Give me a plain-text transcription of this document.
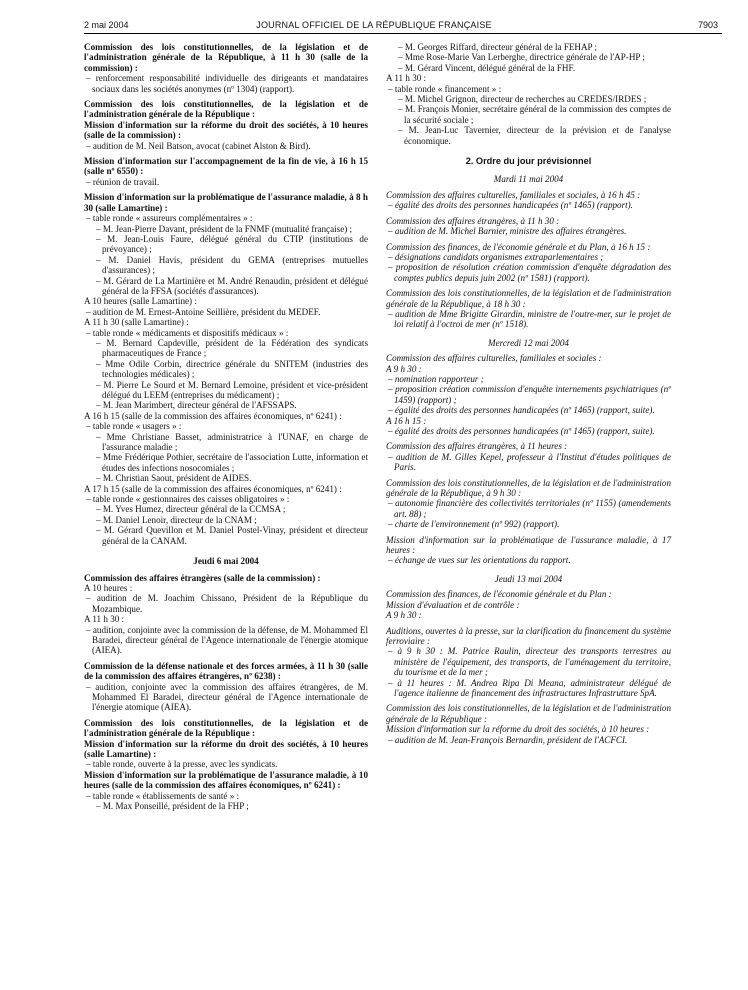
2 mai 2004	JOURNAL OFFICIEL DE LA RÉPUBLIQUE FRANÇAISE	7903

Commission des lois constitutionnelles, de la législation et de l'administration générale de la République, à 11 h 30 (salle de la commission) :

– renforcement responsabilité individuelle des dirigeants et mandataires sociaux dans les sociétés anonymes (nº 1304) (rapport).

Commission des lois constitutionnelles, de la législation et de l'administration générale de la République :

Mission d'information sur la réforme du droit des sociétés, à 10 heures (salle de la commission) :

– audition de M. Neil Batson, avocat (cabinet Alston & Bird).

Mission d'information sur l'accompagnement de la fin de vie, à 16 h 15 (salle nº 6550) :

– réunion de travail.

Mission d'information sur la problématique de l'assurance maladie, à 8 h 30 (salle Lamartine) :

– table ronde « assureurs complémentaires » :

– M. Jean-Pierre Davant, président de la FNMF (mutualité française) ;

– M. Jean-Louis Faure, délégué général du CTIP (institutions de prévoyance) ;

– M. Daniel Havis, président du GEMA (entreprises mutuelles d'assurances) ;

– M. Gérard de La Martinière et M. André Renaudin, président et délégué général de la FFSA (sociétés d'assurances).

A 10 heures (salle Lamartine) :

– audition de M. Ernest-Antoine Seillière, président du MEDEF.

A 11 h 30 (salle Lamartine) :

– table ronde « médicaments et dispositifs médicaux » :

– M. Bernard Capdeville, président de la Fédération des syndicats pharmaceutiques de France ;

– Mme Odile Corbin, directrice générale du SNITEM (industries des technologies médicales) ;

– M. Pierre Le Sourd et M. Bernard Lemoine, président et vice-président délégué du LEEM (entreprises du médicament) ;

– M. Jean Marimbert, directeur général de l'AFSSAPS.

A 16 h 15 (salle de la commission des affaires économiques, nº 6241) :

– table ronde « usagers » :

– Mme Christiane Basset, administratrice à l'UNAF, en charge de l'assurance maladie ;

– Mme Frédérique Pothier, secrétaire de l'association Lutte, information et études des infections nosocomiales ;

– M. Christian Saout, président de AIDES.

A 17 h 15 (salle de la commission des affaires économiques, nº 6241) :

– table ronde « gestionnaires des caisses obligatoires » :

– M. Yves Humez, directeur général de la CCMSA ;

– M. Daniel Lenoir, directeur de la CNAM ;

– M. Gérard Quevillon et M. Daniel Postel-Vinay, président et directeur général de la CANAM.

Jeudi 6 mai 2004

Commission des affaires étrangères (salle de la commission) :

A 10 heures :

– audition de M. Joachim Chissano, Président de la République du Mozambique.

A 11 h 30 :

– audition, conjointe avec la commission de la défense, de M. Mohammed El Baradei, directeur général de l'Agence internationale de l'énergie atomique (AIEA).

Commission de la défense nationale et des forces armées, à 11 h 30 (salle de la commission des affaires étrangères, nº 6238) :

– audition, conjointe avec la commission des affaires étrangères, de M. Mohammed El Baradei, directeur général de l'Agence internationale de l'énergie atomique (AIEA).

Commission des lois constitutionnelles, de la législation et de l'administration générale de la République :

Mission d'information sur la réforme du droit des sociétés, à 10 heures (salle Lamartine) :

– table ronde, ouverte à la presse, avec les syndicats.

Mission d'information sur la problématique de l'assurance maladie, à 10 heures (salle de la commission des affaires économiques, nº 6241) :

– table ronde « établissements de santé » :

– M. Max Ponseillé, président de la FHP ;

– M. Georges Riffard, directeur général de la FEHAP ;

– Mme Rose-Marie Van Lerberghe, directrice générale de l'AP-HP ;

– M. Gérard Vincent, délégué général de la FHF.

A 11 h 30 :

– table ronde « financement » :

– M. Michel Grignon, directeur de recherches au CREDES/IRDES ;

– M. François Monier, secrétaire général de la commission des comptes de la sécurité sociale ;

– M. Jean-Luc Tavernier, directeur de la prévision et de l'analyse économique.

2. Ordre du jour prévisionnel

Mardi 11 mai 2004

Commission des affaires culturelles, familiales et sociales, à 16 h 45 :

– égalité des droits des personnes handicapées (nº 1465) (rapport).

Commission des affaires étrangères, à 11 h 30 :

– audition de M. Michel Barnier, ministre des affaires étrangères.

Commission des finances, de l'économie générale et du Plan, à 16 h 15 :

– désignations candidats organismes extraparlementaires ;

– proposition de résolution création commission d'enquête dégradation des comptes publics depuis juin 2002 (nº 1581) (rapport).

Commission des lois constitutionnelles, de la législation et de l'administration générale de la République, à 18 h 30 :

– audition de Mme Brigitte Girardin, ministre de l'outre-mer, sur le projet de loi relatif à l'octroi de mer (nº 1518).

Mercredi 12 mai 2004

Commission des affaires culturelles, familiales et sociales :

A 9 h 30 :

– nomination rapporteur ;

– proposition création commission d'enquête internements psychiatriques (nº 1459) (rapport) ;

– égalité des droits des personnes handicapées (nº 1465) (rapport, suite).

A 16 h 15 :

– égalité des droits des personnes handicapées (nº 1465) (rapport, suite).

Commission des affaires étrangères, à 11 heures :

– audition de M. Gilles Kepel, professeur à l'Institut d'études politiques de Paris.

Commission des lois constitutionnelles, de la législation et de l'administration générale de la République, à 9 h 30 :

– autonomie financière des collectivités territoriales (nº 1155) (amendements art. 88) ;

– charte de l'environnement (nº 992) (rapport).

Mission d'information sur la problématique de l'assurance maladie, à 17 heures :

– échange de vues sur les orientations du rapport.

Jeudi 13 mai 2004

Commission des finances, de l'économie générale et du Plan :

Mission d'évaluation et de contrôle :

A 9 h 30 :

Auditions, ouvertes à la presse, sur la clarification du financement du système ferroviaire :

– à 9 h 30 : M. Patrice Raulin, directeur des transports terrestres au ministère de l'équipement, des transports, de l'aménagement du territoire, du tourisme et de la mer ;

– à 11 heures : M. Andrea Ripa Di Meana, administrateur délégué de l'agence italienne de financement des infrastructures Infrastrutture SpA.

Commission des lois constitutionnelles, de la législation et de l'administration générale de la République :

Mission d'information sur la réforme du droit des sociétés, à 10 heures :

– audition de M. Jean-François Bernardin, président de l'ACFCI.
